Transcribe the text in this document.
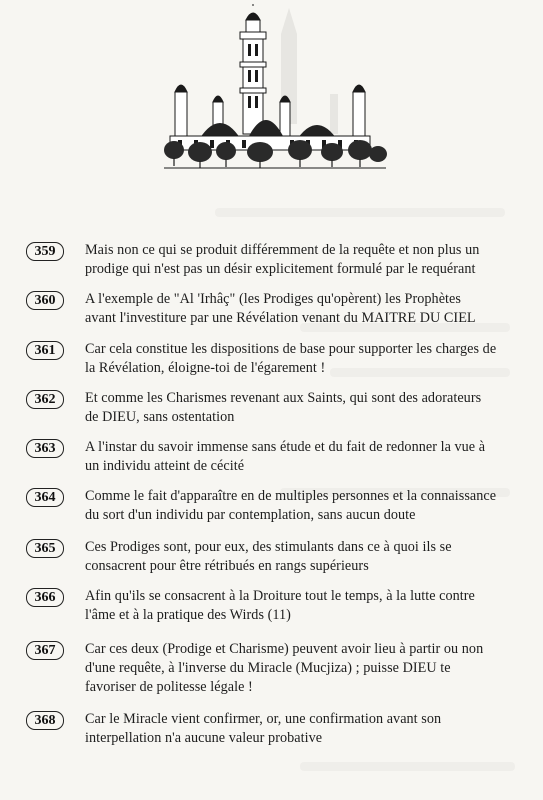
359	Mais non ce qui se produit différemment de la requête et non plus un

prodige qui n'est pas un désir explicitement formulé par le requérant

360	A l'exemple de "Al 'Irhâç" (les Prodiges qu'opèrent) les Prophètes

avant l'investiture par une Révélation venant du MAITRE DU CIEL

361	Car cela constitue les dispositions de base pour supporter les charges de

la Révélation, éloigne-toi de l'égarement !

362	Et comme les Charismes revenant aux Saints, qui sont des adorateurs

de DIEU, sans ostentation

363	A l'instar du savoir immense sans étude et du fait de redonner la vue à

un individu atteint de cécité

364	Comme le fait d'apparaître en de multiples personnes et la connaissance

du sort d'un individu par contemplation, sans aucun doute

365	Ces Prodiges sont, pour eux, des stimulants dans ce à quoi ils se

consacrent pour être rétribués en rangs supérieurs

366	Afin qu'ils se consacrent à la Droiture tout le temps, à la lutte contre

l'âme et à la pratique des Wirds (11)

367	Car ces deux (Prodige et Charisme) peuvent avoir lieu à partir ou non

d'une requête, à l'inverse du Miracle (Mucjiza) ; puisse DIEU te

favoriser de politesse légale !

368	Car le Miracle vient confirmer, or, une confirmation avant son

interpellation n'a aucune valeur probative
